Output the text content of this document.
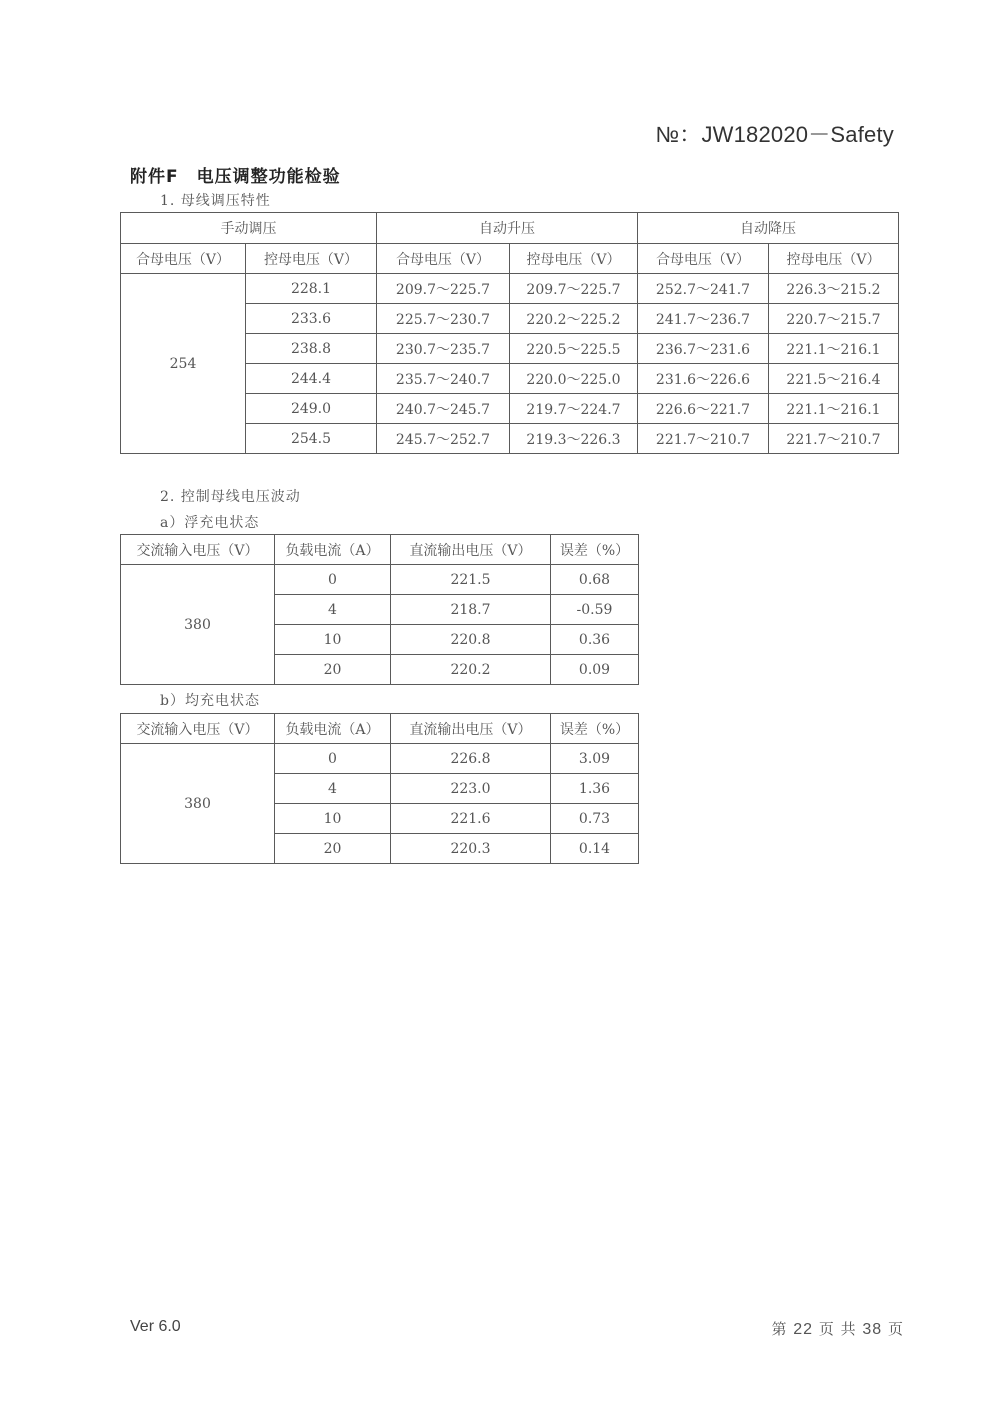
№：JW182020－Safety
附件F 电压调整功能检验
1. 母线调压特性
手动调压		自动升压		自动降压	
合母电压（V）	控母电压（V）	合母电压（V）	控母电压（V）	合母电压（V）	控母电压（V）
254	228.1	209.7～225.7	209.7～225.7	252.7～241.7	226.3～215.2
	233.6	225.7～230.7	220.2～225.2	241.7～236.7	220.7～215.7
	238.8	230.7～235.7	220.5～225.5	236.7～231.6	221.1～216.1
	244.4	235.7～240.7	220.0～225.0	231.6～226.6	221.5～216.4
	249.0	240.7～245.7	219.7～224.7	226.6～221.7	221.1～216.1
	254.5	245.7～252.7	219.3～226.3	221.7～210.7	221.7～210.7
2. 控制母线电压波动
a）浮充电状态
交流输入电压（V）	负载电流（A）	直流输出电压（V）	误差（%）
380	0	221.5	0.68
	4	218.7	-0.59
	10	220.8	0.36
	20	220.2	0.09
b）均充电状态
交流输入电压（V）	负载电流（A）	直流输出电压（V）	误差（%）
380	0	226.8	3.09
	4	223.0	1.36
	10	221.6	0.73
	20	220.3	0.14
Ver 6.0	第 22 页 共 38 页
